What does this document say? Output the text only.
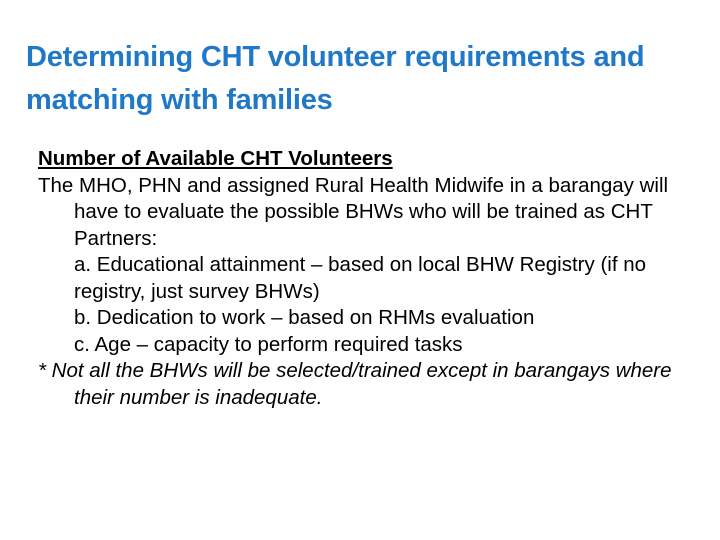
Determining CHT volunteer requirements and matching with families

Number of Available CHT Volunteers

The MHO, PHN and assigned Rural Health Midwife in a barangay will have to evaluate the possible BHWs who will be trained as CHT Partners:

a. Educational attainment – based on local BHW Registry (if no registry, just survey BHWs)

b. Dedication to work – based on RHMs evaluation

c. Age – capacity to perform required tasks

* Not all the BHWs will be selected/trained except in barangays where their number is inadequate.
